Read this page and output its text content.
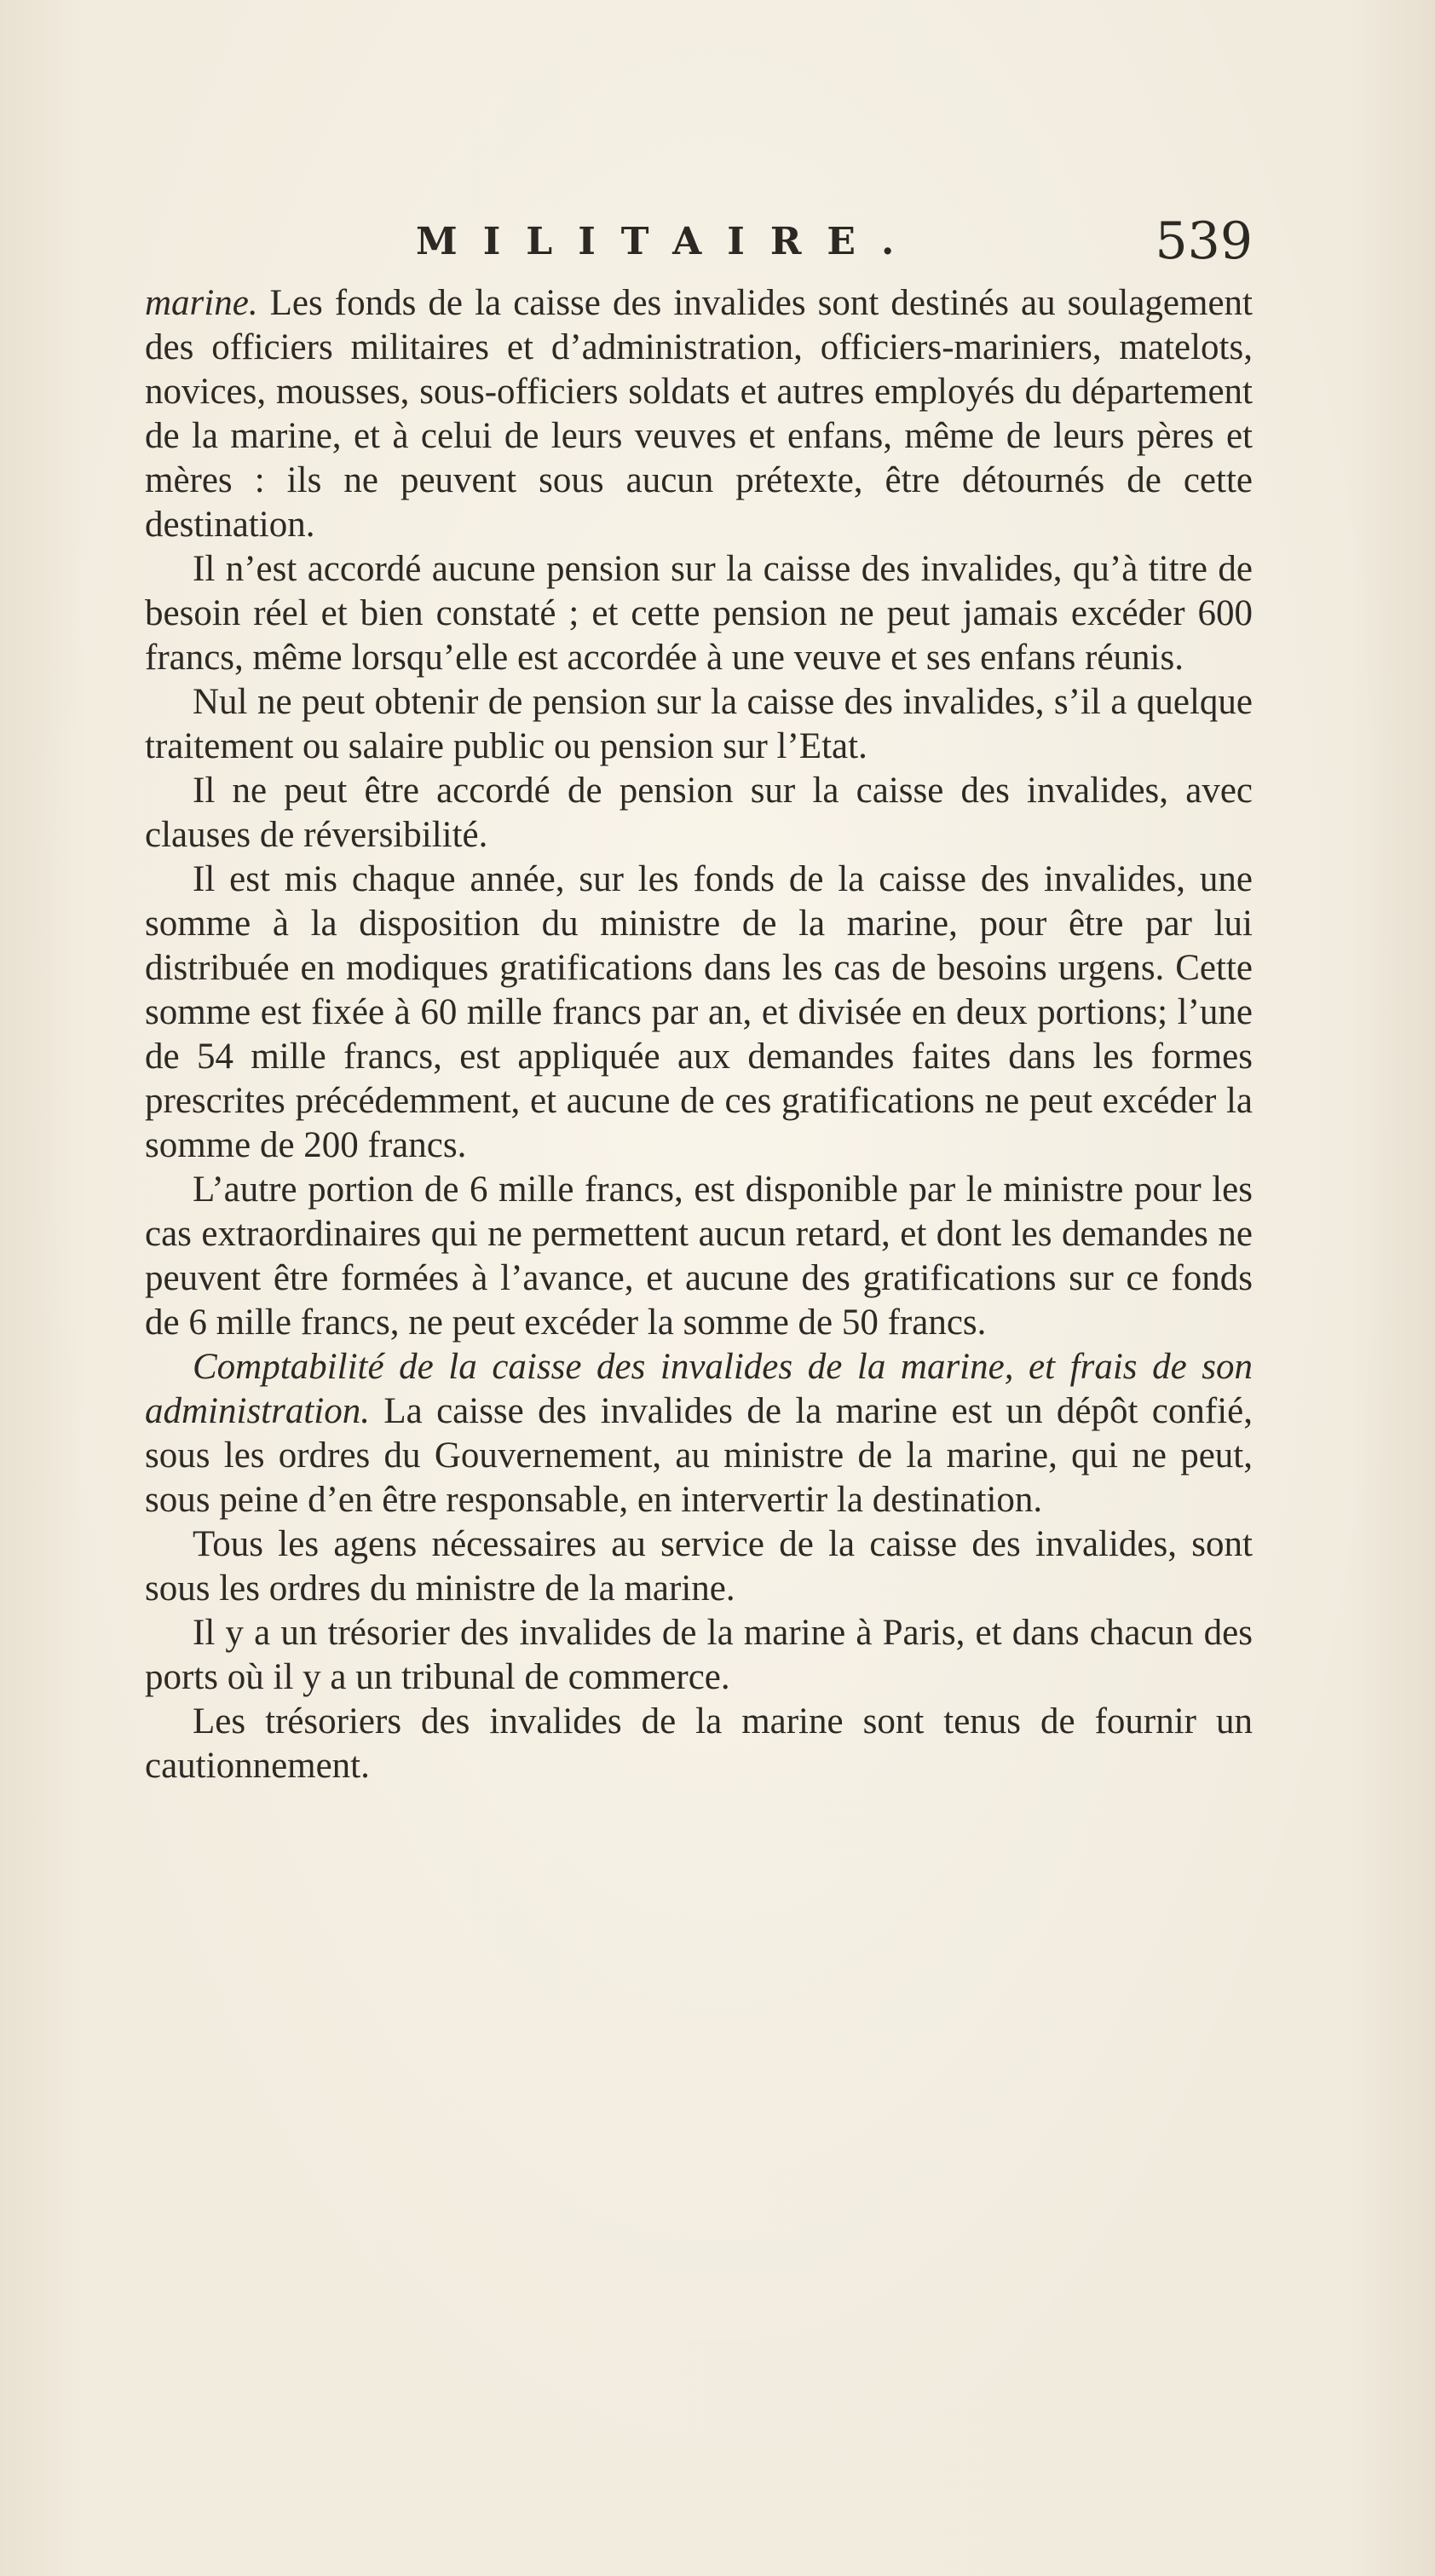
MILITAIRE.	539

marine. Les fonds de la caisse des invalides sont destinés au soulagement des officiers militaires et d’administration, officiers-mariniers, matelots, novices, mousses, sous-officiers soldats et autres employés du département de la marine, et à celui de leurs veuves et enfans, même de leurs pères et mères : ils ne peuvent sous aucun prétexte, être détournés de cette destination.

Il n’est accordé aucune pension sur la caisse des invalides, qu’à titre de besoin réel et bien constaté ; et cette pension ne peut jamais excéder 600 francs, même lorsqu’elle est accordée à une veuve et ses enfans réunis.

Nul ne peut obtenir de pension sur la caisse des invalides, s’il a quelque traitement ou salaire public ou pension sur l’Etat.

Il ne peut être accordé de pension sur la caisse des invalides, avec clauses de réversibilité.

Il est mis chaque année, sur les fonds de la caisse des invalides, une somme à la disposition du ministre de la marine, pour être par lui distribuée en modiques gratifications dans les cas de besoins urgens. Cette somme est fixée à 60 mille francs par an, et divisée en deux portions; l’une de 54 mille francs, est appliquée aux demandes faites dans les formes prescrites précédemment, et aucune de ces gratifications ne peut excéder la somme de 200 francs.

L’autre portion de 6 mille francs, est disponible par le ministre pour les cas extraordinaires qui ne permettent aucun retard, et dont les demandes ne peuvent être formées à l’avance, et aucune des gratifications sur ce fonds de 6 mille francs, ne peut excéder la somme de 50 francs.

Comptabilité de la caisse des invalides de la marine, et frais de son administration. La caisse des invalides de la marine est un dépôt confié, sous les ordres du Gouvernement, au ministre de la marine, qui ne peut, sous peine d’en être responsable, en intervertir la destination.

Tous les agens nécessaires au service de la caisse des invalides, sont sous les ordres du ministre de la marine.

Il y a un trésorier des invalides de la marine à Paris, et dans chacun des ports où il y a un tribunal de commerce.

Les trésoriers des invalides de la marine sont tenus de fournir un cautionnement.
